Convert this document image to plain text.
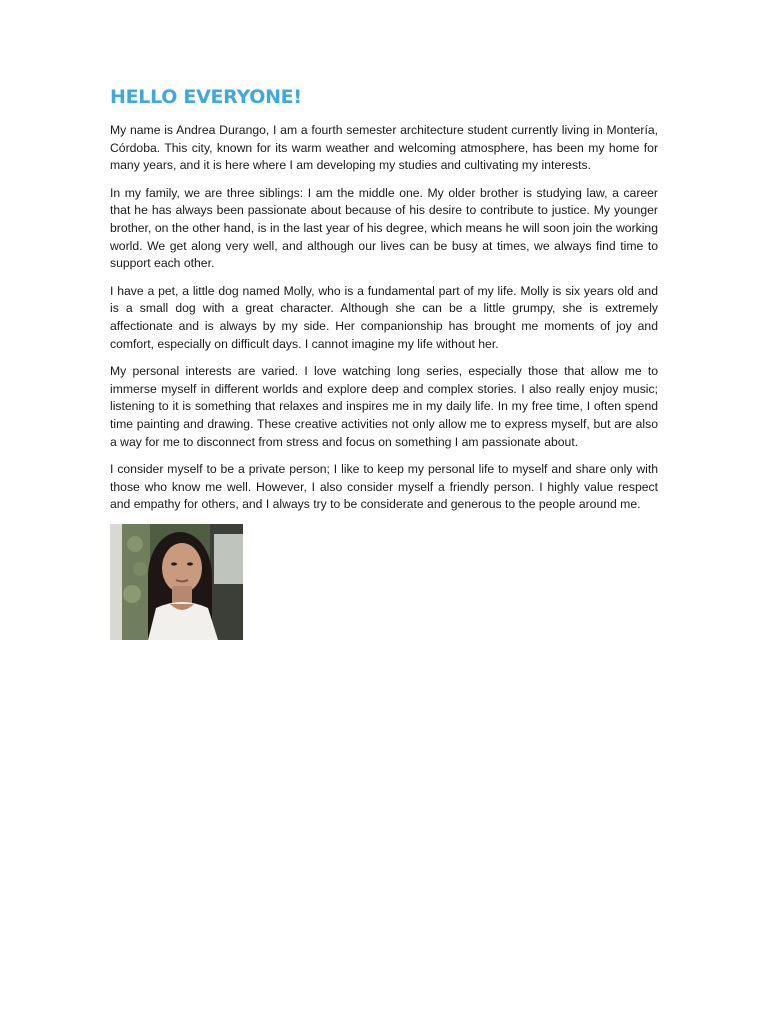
HELLO EVERYONE!

My name is Andrea Durango, I am a fourth semester architecture student currently living in Montería, Córdoba. This city, known for its warm weather and welcoming atmosphere, has been my home for many years, and it is here where I am developing my studies and cultivating my interests.

In my family, we are three siblings: I am the middle one. My older brother is studying law, a career that he has always been passionate about because of his desire to contribute to justice. My younger brother, on the other hand, is in the last year of his degree, which means he will soon join the working world. We get along very well, and although our lives can be busy at times, we always find time to support each other.

I have a pet, a little dog named Molly, who is a fundamental part of my life. Molly is six years old and is a small dog with a great character. Although she can be a little grumpy, she is extremely affectionate and is always by my side. Her companionship has brought me moments of joy and comfort, especially on difficult days. I cannot imagine my life without her.

My personal interests are varied. I love watching long series, especially those that allow me to immerse myself in different worlds and explore deep and complex stories. I also really enjoy music; listening to it is something that relaxes and inspires me in my daily life. In my free time, I often spend time painting and drawing. These creative activities not only allow me to express myself, but are also a way for me to disconnect from stress and focus on something I am passionate about.

I consider myself to be a private person; I like to keep my personal life to myself and share only with those who know me well. However, I also consider myself a friendly person. I highly value respect and empathy for others, and I always try to be considerate and generous to the people around me.
